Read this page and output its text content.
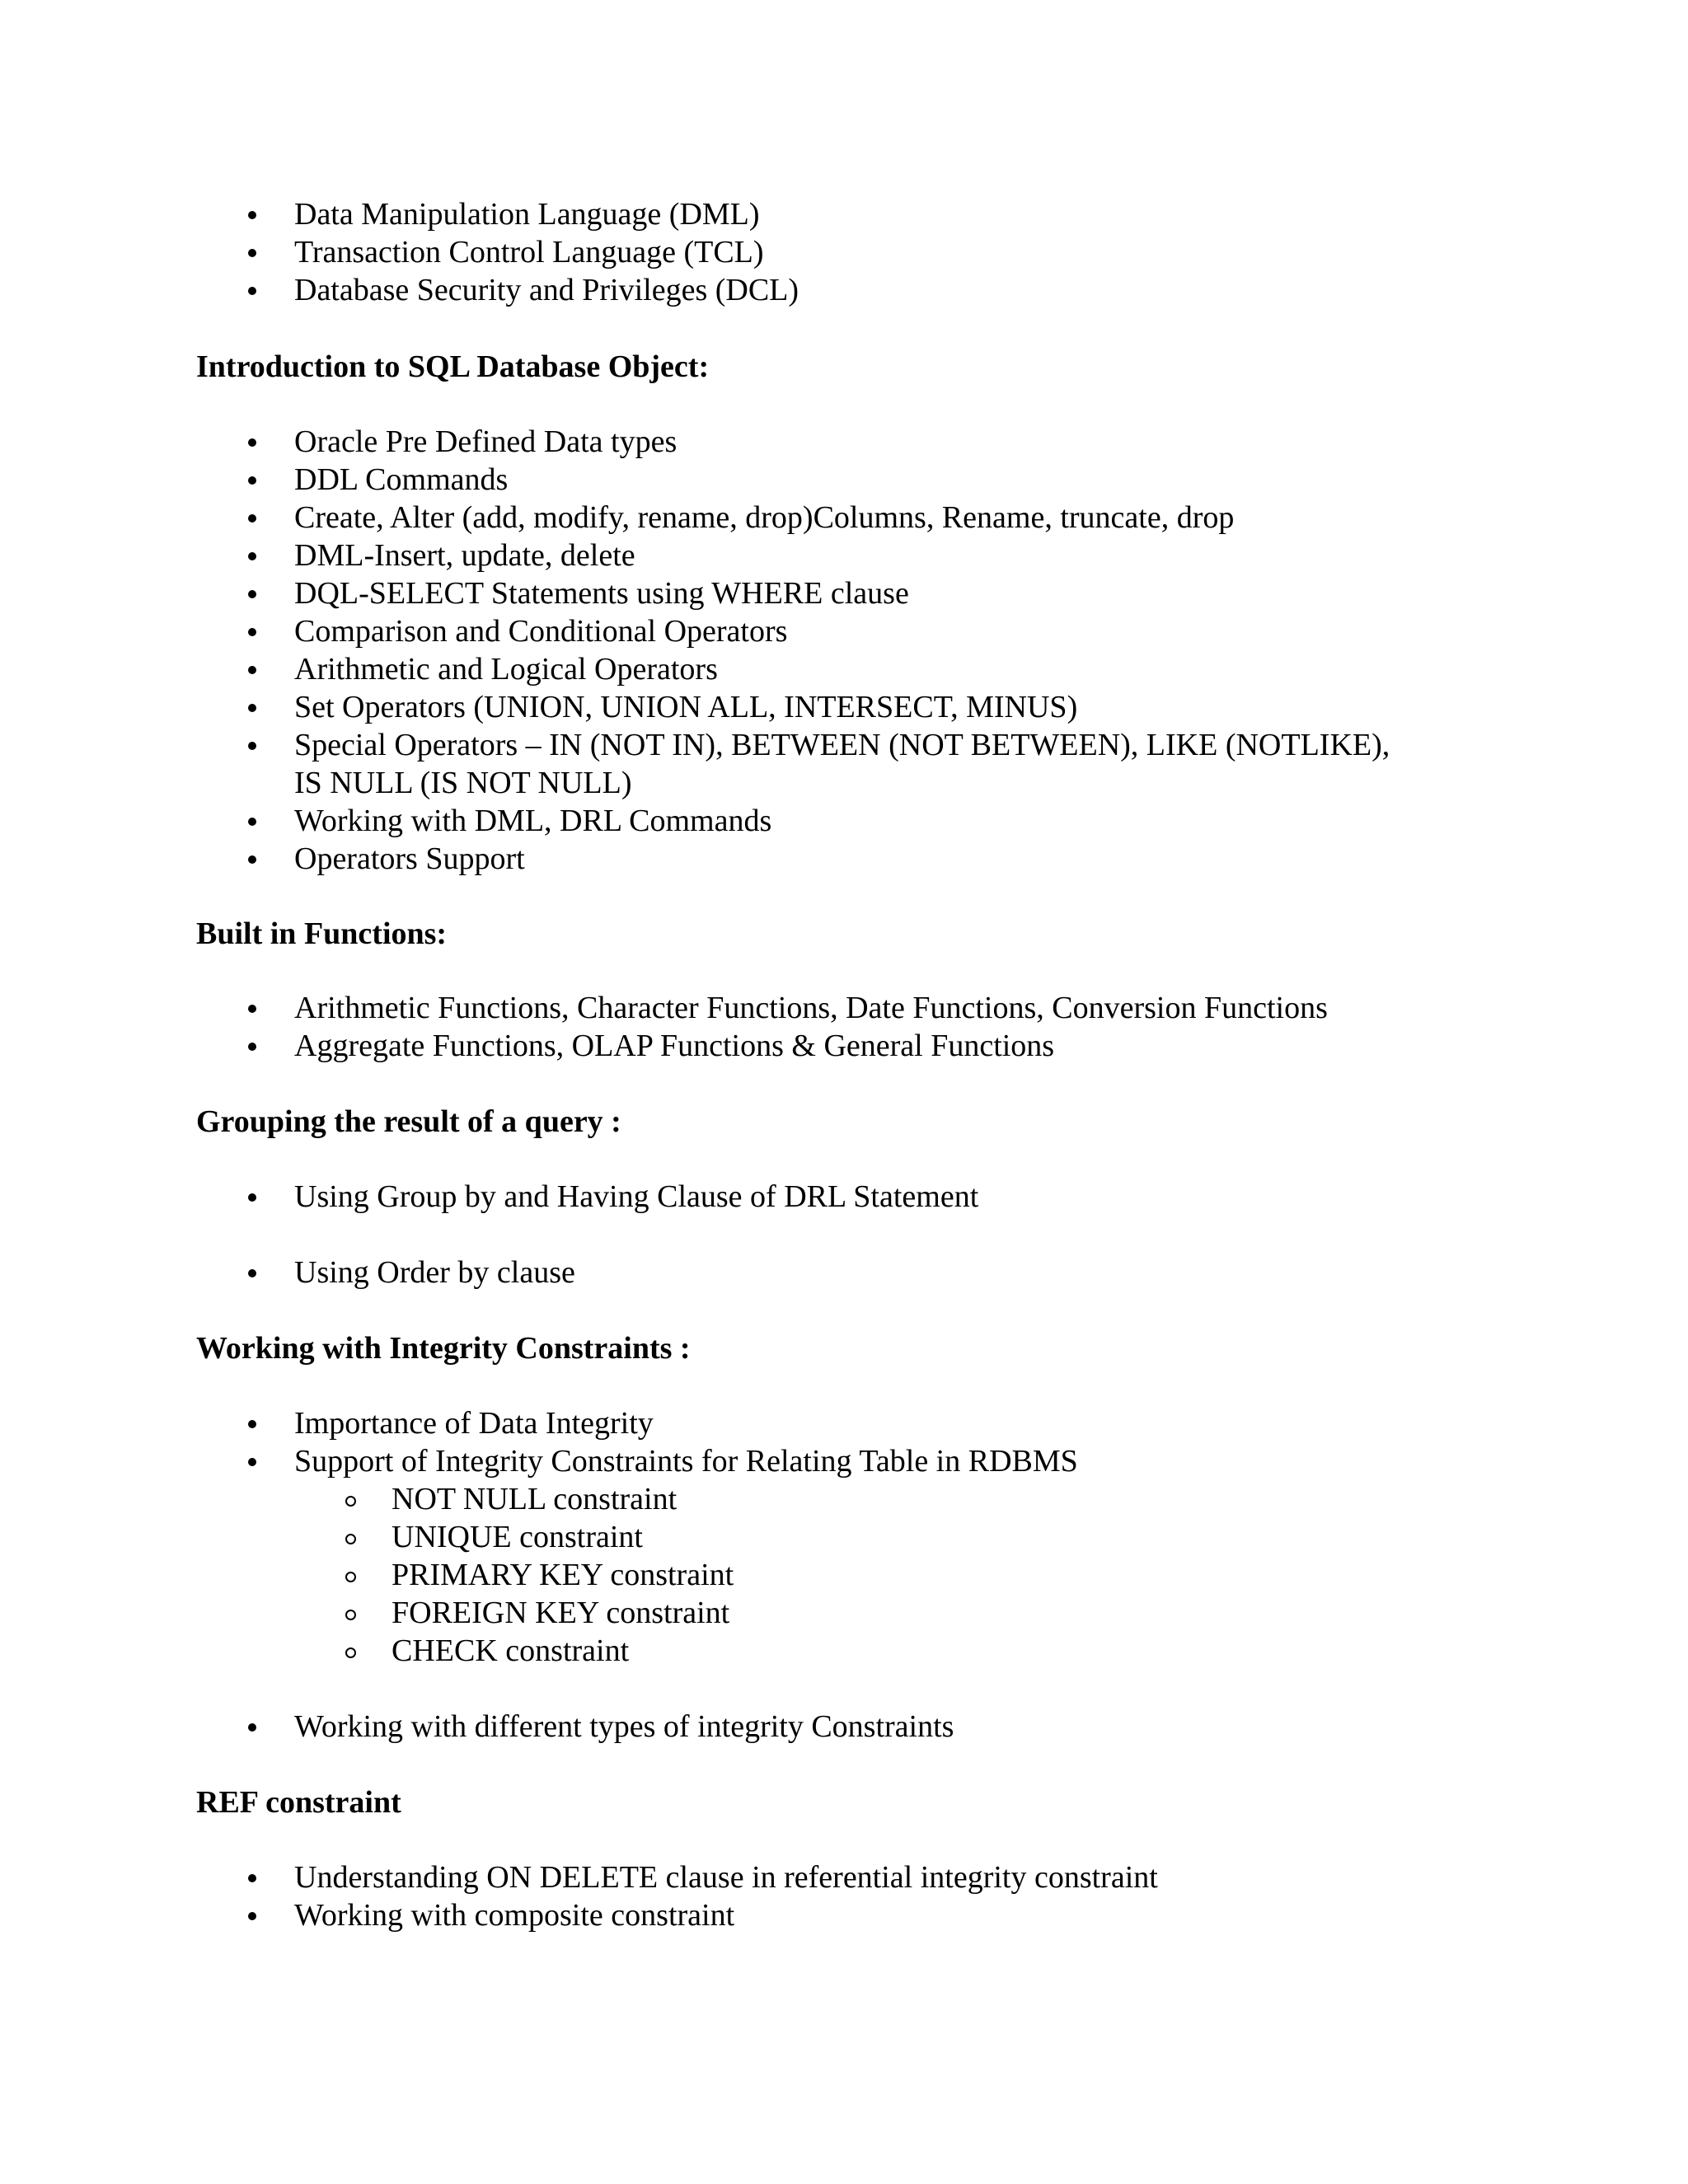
Data Manipulation Language (DML)
Transaction Control Language (TCL)
Database Security and Privileges (DCL)
Introduction to SQL Database Object:
Oracle Pre Defined Data types
DDL Commands
Create, Alter (add, modify, rename, drop)Columns, Rename, truncate, drop
DML-Insert, update, delete
DQL-SELECT Statements using WHERE clause
Comparison and Conditional Operators
Arithmetic and Logical Operators
Set Operators (UNION, UNION ALL, INTERSECT, MINUS)
Special Operators – IN (NOT IN), BETWEEN (NOT BETWEEN), LIKE (NOTLIKE),
IS NULL (IS NOT NULL)
Working with DML, DRL Commands
Operators Support
Built in Functions:
Arithmetic Functions, Character Functions, Date Functions, Conversion Functions
Aggregate Functions, OLAP Functions & General Functions
Grouping the result of a query :
Using Group by and Having Clause of DRL Statement
Using Order by clause
Working with Integrity Constraints :
Importance of Data Integrity
Support of Integrity Constraints for Relating Table in RDBMS
NOT NULL constraint
UNIQUE constraint
PRIMARY KEY constraint
FOREIGN KEY constraint
CHECK constraint
Working with different types of integrity Constraints
REF constraint
Understanding ON DELETE clause in referential integrity constraint
Working with composite constraint
